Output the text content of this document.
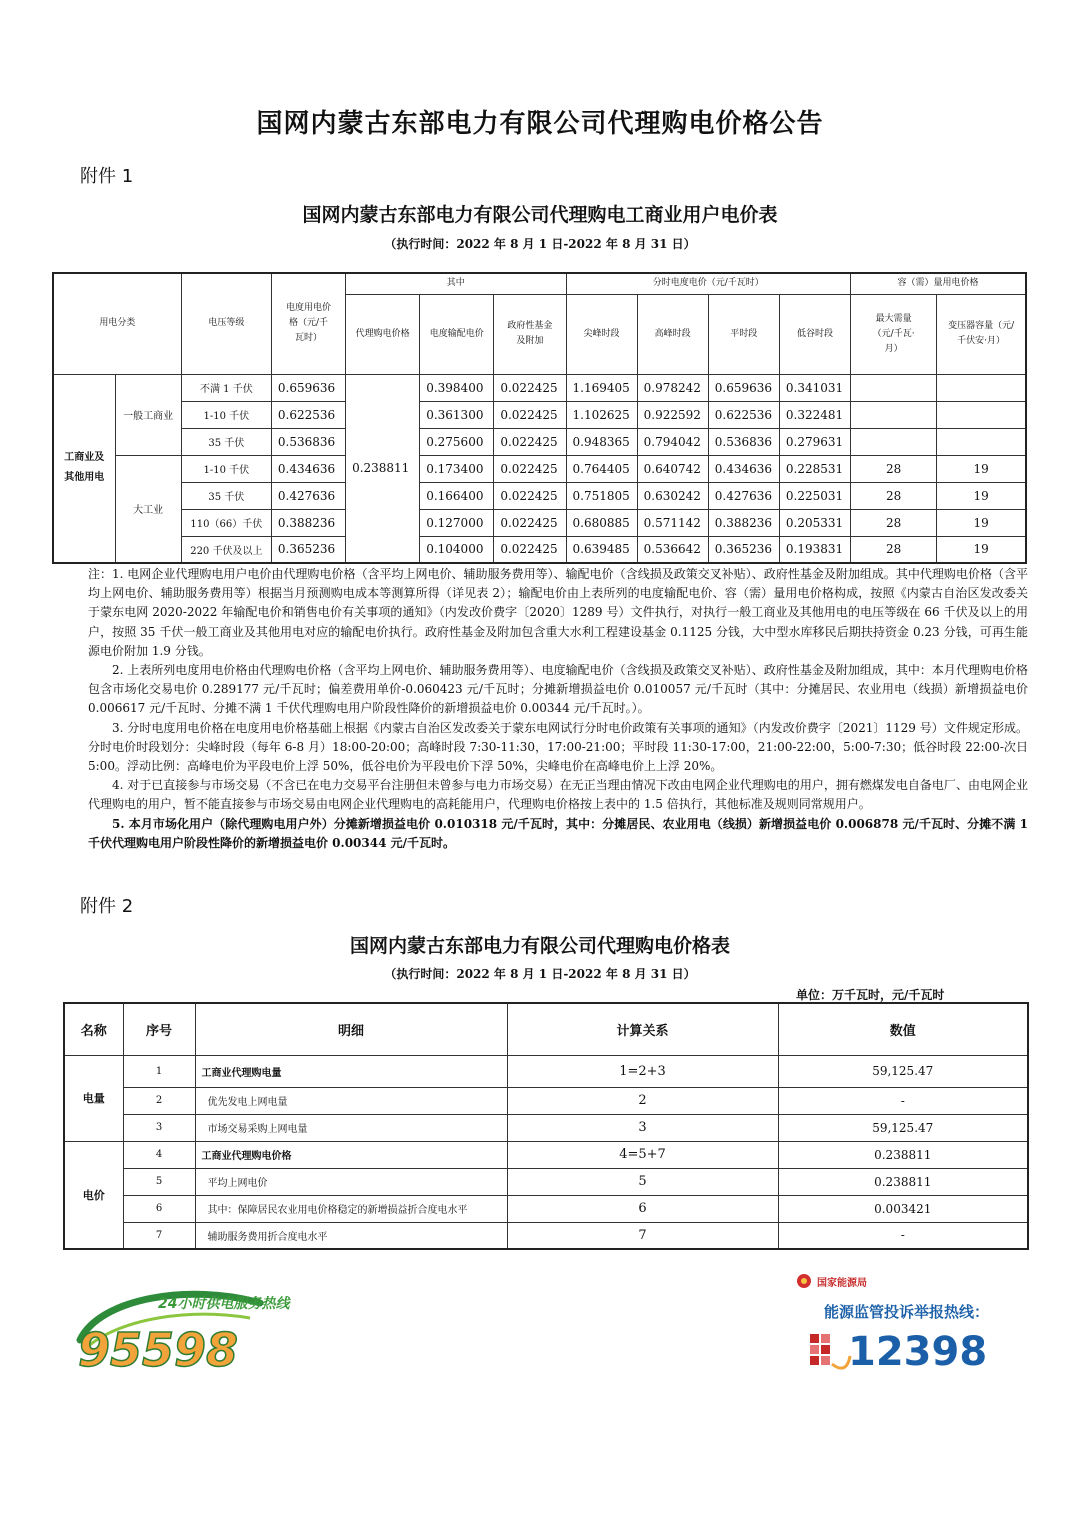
国网内蒙古东部电力有限公司代理购电价格公告
附件 1
国网内蒙古东部电力有限公司代理购电工商业用户电价表
（执行时间：2022 年 8 月 1 日-2022 年 8 月 31 日）
用电分类		电压等级	电度用电价格（元/千瓦时）	其中			分时电度电价（元/千瓦时）				容（需）量用电价格	
				代理购电价格	电度输配电价	政府性基金及附加	尖峰时段	高峰时段	平时段	低谷时段	最大需量（元/千瓦·月）	变压器容量（元/千伏安·月）
工商业及其他用电	一般工商业	不满 1 千伏	0.659636	0.238811	0.398400	0.022425	1.169405	0.978242	0.659636	0.341031		
		1-10 千伏	0.622536		0.361300	0.022425	1.102625	0.922592	0.622536	0.322481		
		35 千伏	0.536836		0.275600	0.022425	0.948365	0.794042	0.536836	0.279631		
	大工业	1-10 千伏	0.434636		0.173400	0.022425	0.764405	0.640742	0.434636	0.228531	28	19
		35 千伏	0.427636		0.166400	0.022425	0.751805	0.630242	0.427636	0.225031	28	19
		110（66）千伏	0.388236		0.127000	0.022425	0.680885	0.571142	0.388236	0.205331	28	19
		220 千伏及以上	0.365236		0.104000	0.022425	0.639485	0.536642	0.365236	0.193831	28	19

注：1. 电网企业代理购电用户电价由代理购电价格（含平均上网电价、辅助服务费用等）、输配电价（含线损及政策交叉补贴）、政府性基金及附加组成。其中代理购电价格（含平均上网电价、辅助服务费用等）根据当月预测购电成本等测算所得（详见表 2）；输配电价由上表所列的电度输配电价、容（需）量用电价格构成，按照《内蒙古自治区发改委关于蒙东电网 2020-2022 年输配电价和销售电价有关事项的通知》（内发改价费字〔2020〕1289 号）文件执行，对执行一般工商业及其他用电的电压等级在 66 千伏及以上的用户，按照 35 千伏一般工商业及其他用电对应的输配电价执行。政府性基金及附加包含重大水利工程建设基金 0.1125 分钱，大中型水库移民后期扶持资金 0.23 分钱，可再生能源电价附加 1.9 分钱。

2. 上表所列电度用电价格由代理购电价格（含平均上网电价、辅助服务费用等）、电度输配电价（含线损及政策交叉补贴）、政府性基金及附加组成，其中：本月代理购电价格包含市场化交易电价 0.289177 元/千瓦时；偏差费用单价-0.060423 元/千瓦时；分摊新增损益电价 0.010057 元/千瓦时（其中：分摊居民、农业用电（线损）新增损益电价 0.006617 元/千瓦时、分摊不满 1 千伏代理购电用户阶段性降价的新增损益电价 0.00344 元/千瓦时。）。

3. 分时电度用电价格在电度用电价格基础上根据《内蒙古自治区发改委关于蒙东电网试行分时电价政策有关事项的通知》（内发改价费字〔2021〕1129 号）文件规定形成。分时电价时段划分：尖峰时段（每年 6-8 月）18:00-20:00；高峰时段 7:30-11:30，17:00-21:00；平时段 11:30-17:00，21:00-22:00，5:00-7:30；低谷时段 22:00-次日 5:00。浮动比例：高峰电价为平段电价上浮 50%，低谷电价为平段电价下浮 50%，尖峰电价在高峰电价上上浮 20%。

4. 对于已直接参与市场交易（不含已在电力交易平台注册但未曾参与电力市场交易）在无正当理由情况下改由电网企业代理购电的用户，拥有燃煤发电自备电厂、由电网企业代理购电的用户，暂不能直接参与市场交易由电网企业代理购电的高耗能用户，代理购电价格按上表中的 1.5 倍执行，其他标准及规则同常规用户。

5. 本月市场化用户（除代理购电用户外）分摊新增损益电价 0.010318 元/千瓦时，其中：分摊居民、农业用电（线损）新增损益电价 0.006878 元/千瓦时、分摊不满 1 千伏代理购电用户阶段性降价的新增损益电价 0.00344 元/千瓦时。

附件 2
国网内蒙古东部电力有限公司代理购电价格表
（执行时间：2022 年 8 月 1 日-2022 年 8 月 31 日）
单位：万千瓦时，元/千瓦时
名称	序号	明细	计算关系	数值
电量	1	工商业代理购电量	1=2+3	59,125.47
	2	优先发电上网电量	2	-
	3	市场交易采购上网电量	3	59,125.47
电价	4	工商业代理购电价格	4=5+7	0.238811
	5	平均上网电价	5	0.238811
	6	其中：保障居民农业用电价格稳定的新增损益折合度电水平	6	0.003421
	7	辅助服务费用折合度电水平	7	-
24小时供电服务热线
95598
国家能源局
能源监管投诉举报热线：
12398
